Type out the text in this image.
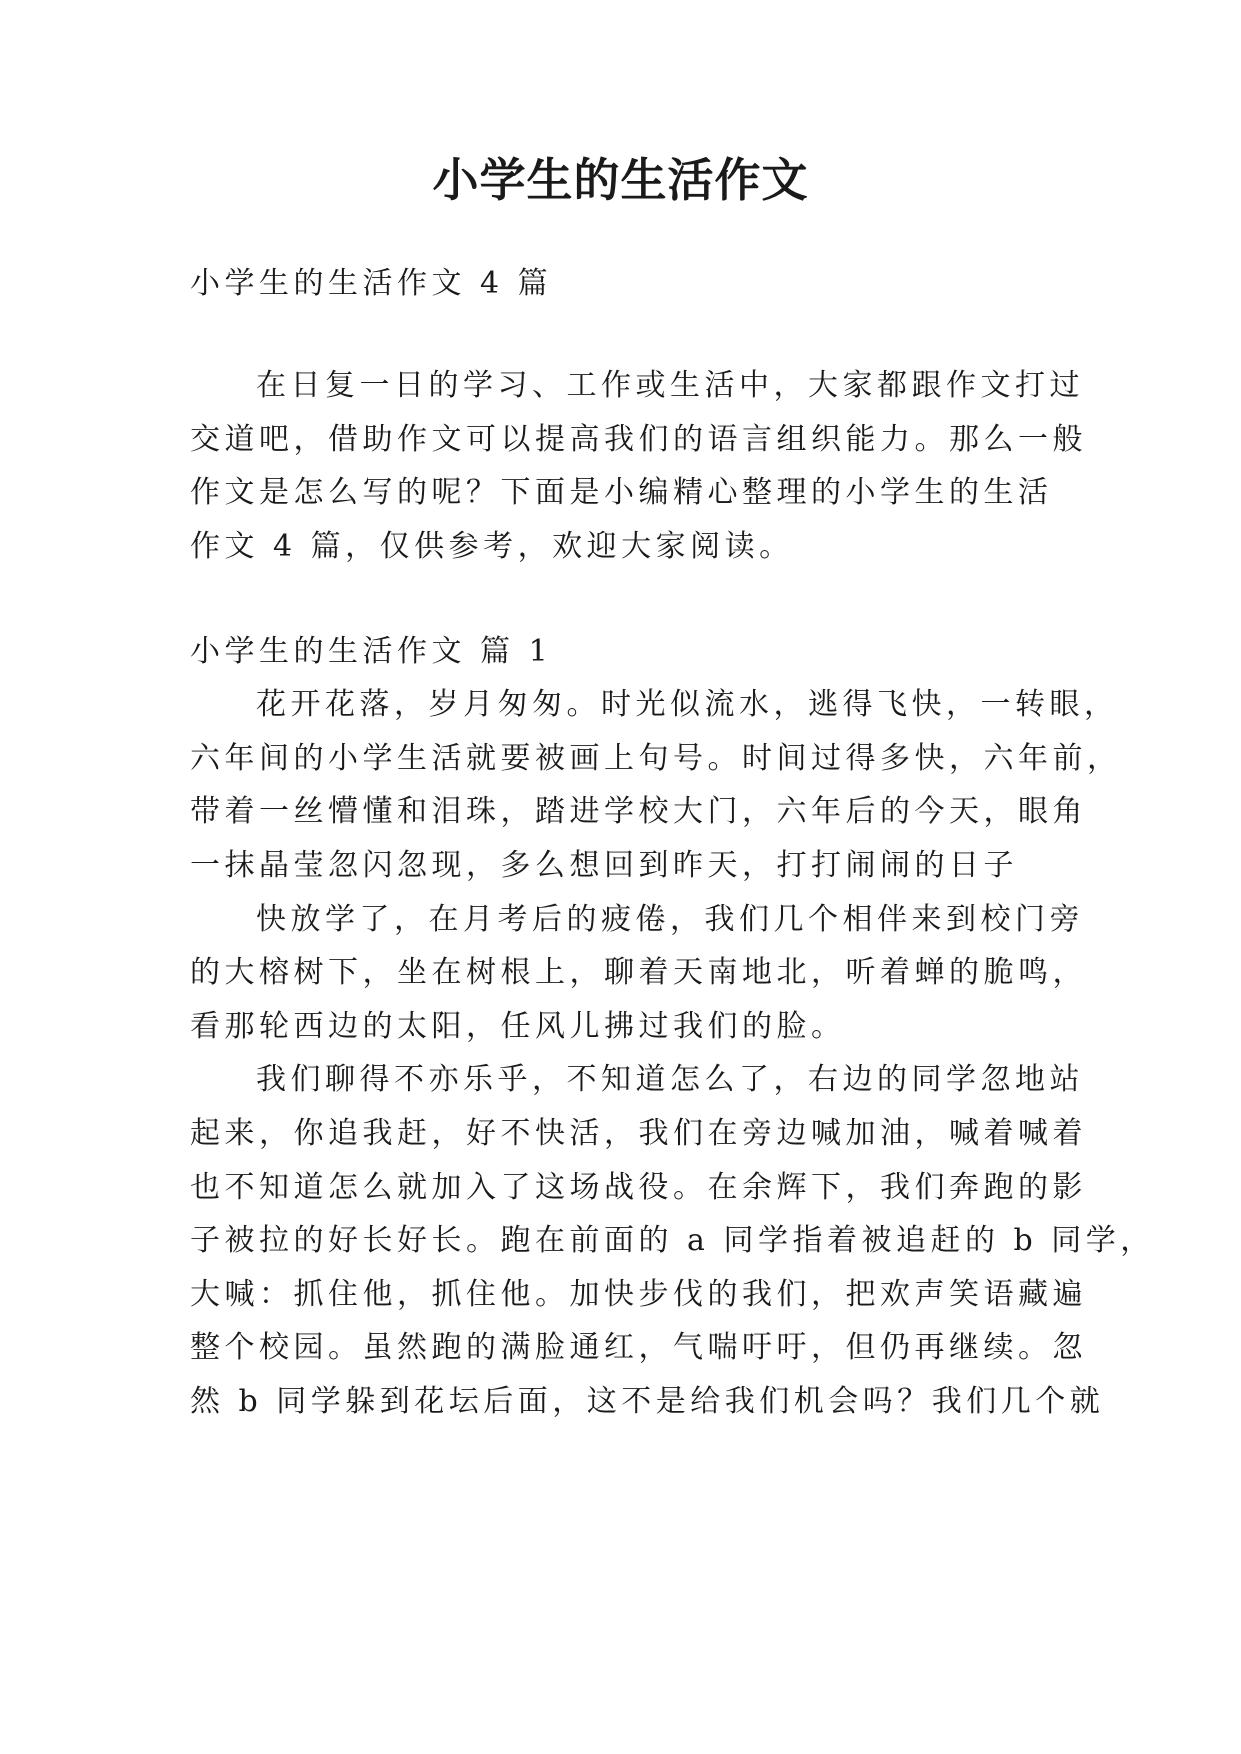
小学生的生活作文

小学生的生活作文 4 篇

在日复一日的学习、工作或生活中，大家都跟作文打过

交道吧，借助作文可以提高我们的语言组织能力。那么一般

作文是怎么写的呢？下面是小编精心整理的小学生的生活

作文 4 篇，仅供参考，欢迎大家阅读。

小学生的生活作文 篇 1

花开花落，岁月匆匆。时光似流水，逃得飞快，一转眼，

六年间的小学生活就要被画上句号。时间过得多快，六年前，

带着一丝懵懂和泪珠，踏进学校大门，六年后的今天，眼角

一抹晶莹忽闪忽现，多么想回到昨天，打打闹闹的日子

快放学了，在月考后的疲倦，我们几个相伴来到校门旁

的大榕树下，坐在树根上，聊着天南地北，听着蝉的脆鸣，

看那轮西边的太阳，任风儿拂过我们的脸。

我们聊得不亦乐乎，不知道怎么了，右边的同学忽地站

起来，你追我赶，好不快活，我们在旁边喊加油，喊着喊着

也不知道怎么就加入了这场战役。在余辉下，我们奔跑的影

子被拉的好长好长。跑在前面的 a 同学指着被追赶的 b 同学，

大喊：抓住他，抓住他。加快步伐的我们，把欢声笑语藏遍

整个校园。虽然跑的满脸通红，气喘吁吁，但仍再继续。忽

然 b 同学躲到花坛后面，这不是给我们机会吗？我们几个就
